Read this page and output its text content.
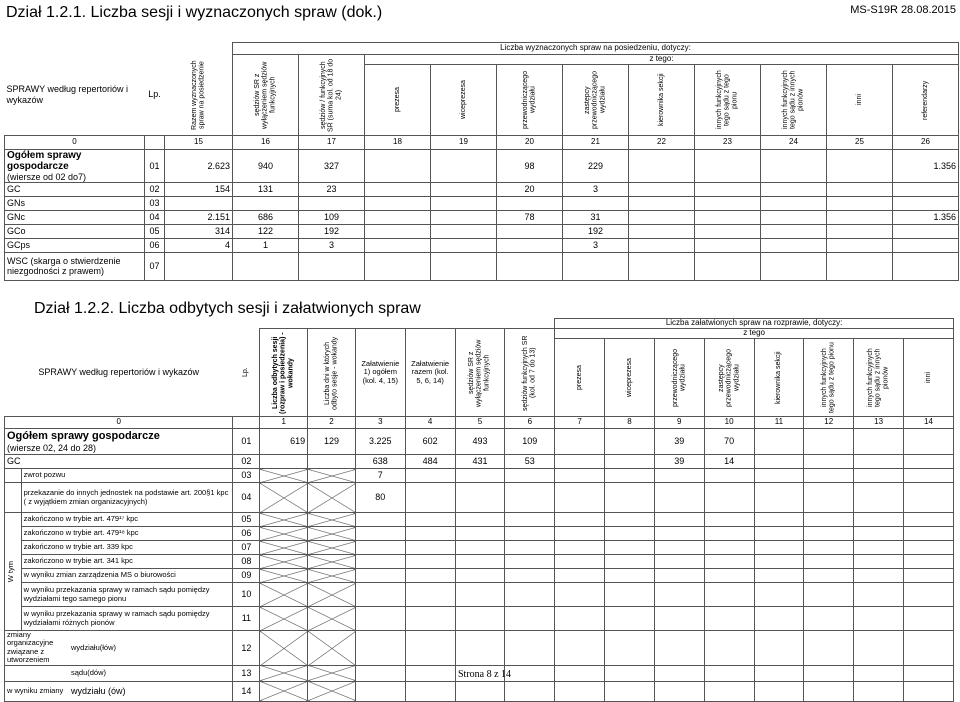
Dział 1.2.1. Liczba sesji i wyznaczonych spraw (dok.)	MS-S19R 28.08.2015
			Liczba wyznaczonych spraw na posiedzeniu, dotyczy:										
SPRAWY według repertoriów i wykazów	Lp.	Razem wyznaczonych spraw na posiedzenie	sędziów SR z wyłączeniem sędziów funkcyjnych	sędziów / funkcyjnych SR (suma kol. od 18 do 24)	z tego:								

					prezesa	wiceprezesa	przewodniczącego wydziału	zastępcy przewodniczącego wydziału	kierownika sekcji	innych funkcyjnych tego sądu z tego pionu	innych funkcyjnych tego sądu z innych pionów	inni	referendarzy

0		15	16	17	18	19	20	21	22	23	24	25	26

Ogółem sprawy gospodarcze
(wiersze od 02 do7)	01	2.623	940	327			98	229					1.356

GC	02	154	131	23			20	3					

GNs	03												

GNc	04	2.151	686	109			78	31					1.356

GCo	05	314	122	192				192					

GCps	06	4	1	3				3					

WSC (skarga o stwierdzenie niezgodności z prawem)	07												
Dział 1.2.2. Liczba odbytych sesji i załatwionych spraw
									Liczba załatwionych spraw na rozprawie, dotyczy:							
SPRAWY według repertoriów i wykazów		Lp.	Liczba odbytych sesji (rozpraw i posiedzenia) - wokandy	Liczba dni w których odbyto sesje - wokandy	Załatwienie 1) ogółem (kol. 4, 15)	Załatwienie razem (kol. 5, 6, 14)	sędziów SR z wyłączeniem sędziów funkcyjnych	sędziów funkcyjnych SR (kol. od 7 do 13)	z tego							

									prezesa	wiceprezesa	przewodniczącego wydziału	zastępcy przewodniczącego wydziału	kierownika sekcji	innych funkcyjnych tego sądu z tego pionu	innych funkcyjnych tego sądu z innych pionów	inni

0			1	2	3	4	5	6	7	8	9	10	11	12	13	14

Ogółem sprawy gospodarcze
(wiersze 02, 24 do 28)		01	619	129	3.225	602	493	109			39	70				
GC		02			638	484	431	53			39	14				
	zwrot pozwu	03			7											
	przekazanie do innych jednostek na podstawie art. 200§1 kpc ( z wyjątkiem zmian organizacyjnych)	04			80											

W tym	zakończono w trybie art. 479¹⁷ kpc	05														
	zakończono w trybie art. 479¹⁸ kpc	06														
	zakończono w trybie art. 339 kpc	07														
	zakończono w trybie art. 341 kpc	08														
	w wyniku zmian zarządzenia MS o biurowości	09														
	w wyniku przekazania sprawy w ramach sądu pomiędzy wydziałami tego samego pionu	10														
	w wyniku przekazania sprawy w ramach sądu pomiędzy wydziałami różnych pionów	11														

zmiany organizacyjne związane z utworzeniem
wydziału(łów)		12														

sądu(dów)		13														

w wyniku zmiany wydziału (ów)		14														
Strona 8 z 14
